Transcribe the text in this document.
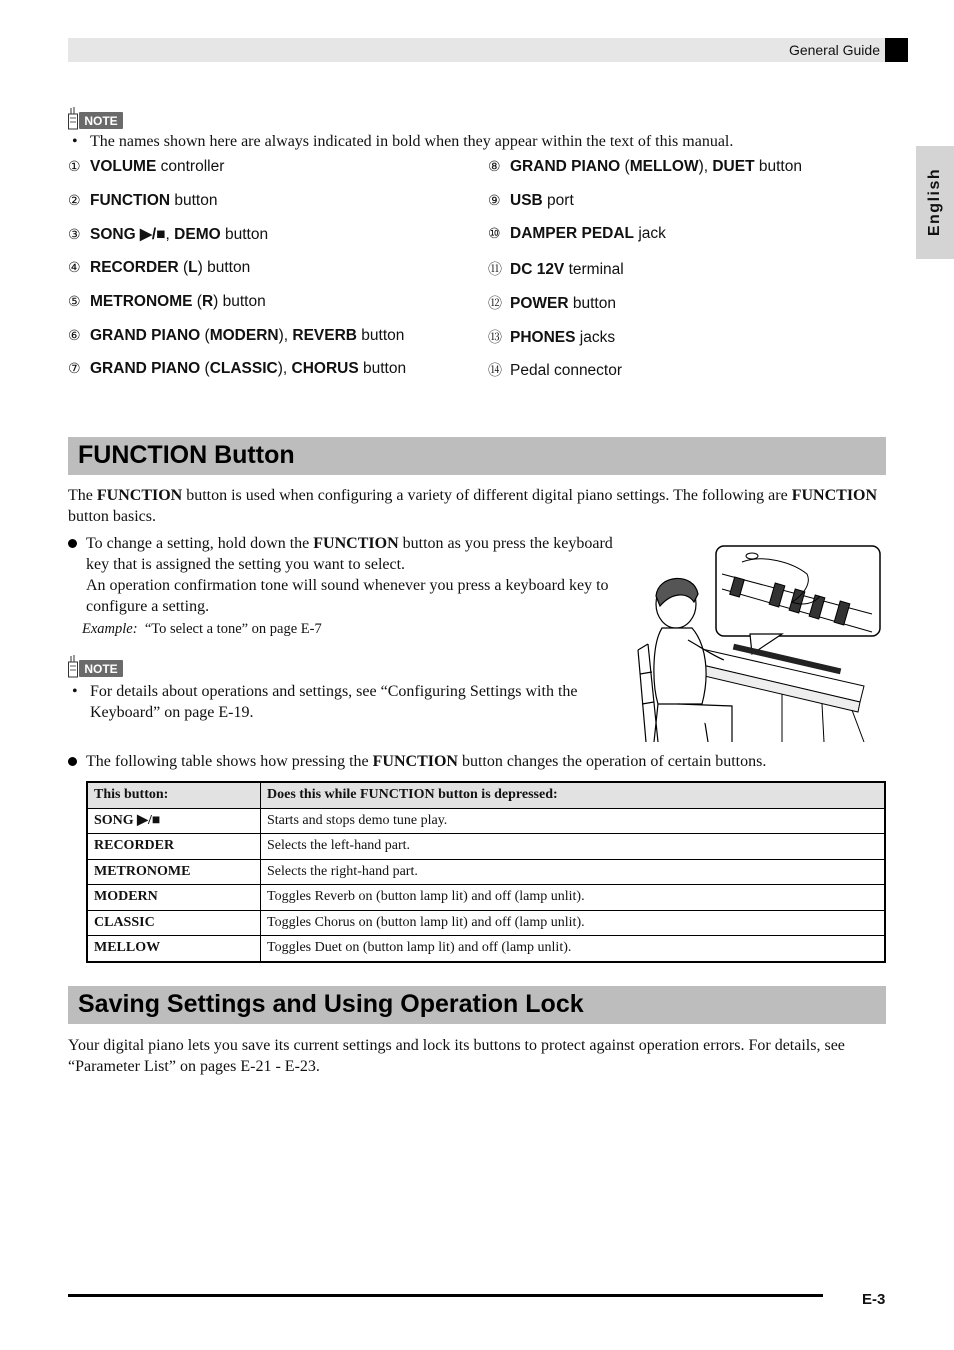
General Guide
English
NOTE
• The names shown here are always indicated in bold when they appear within the text of this manual.
① VOLUME controller
② FUNCTION button
③ SONG ▶/■, DEMO button
④ RECORDER (L) button
⑤ METRONOME (R) button
⑥ GRAND PIANO (MODERN), REVERB button
⑦ GRAND PIANO (CLASSIC), CHORUS button
⑧ GRAND PIANO (MELLOW), DUET button
⑨ USB port
⑩ DAMPER PEDAL jack
⑪ DC 12V terminal
⑫ POWER button
⑬ PHONES jacks
⑭ Pedal connector
FUNCTION Button

The FUNCTION button is used when configuring a variety of different digital piano settings. The following are FUNCTION button basics.

To change a setting, hold down the FUNCTION button as you press the keyboard key that is assigned the setting you want to select.
An operation confirmation tone will sound whenever you press a keyboard key to configure a setting.
Example: “To select a tone” on page E-7
NOTE
• For details about operations and settings, see “Configuring Settings with the Keyboard” on page E-19.
The following table shows how pressing the FUNCTION button changes the operation of certain buttons.
This button:	Does this while FUNCTION button is depressed:
SONG ▶/■	Starts and stops demo tune play.
RECORDER	Selects the left-hand part.
METRONOME	Selects the right-hand part.
MODERN	Toggles Reverb on (button lamp lit) and off (lamp unlit).
CLASSIC	Toggles Chorus on (button lamp lit) and off (lamp unlit).
MELLOW	Toggles Duet on (button lamp lit) and off (lamp unlit).
Saving Settings and Using Operation Lock

Your digital piano lets you save its current settings and lock its buttons to protect against operation errors. For details, see “Parameter List” on pages E-21 - E-23.

E-3
